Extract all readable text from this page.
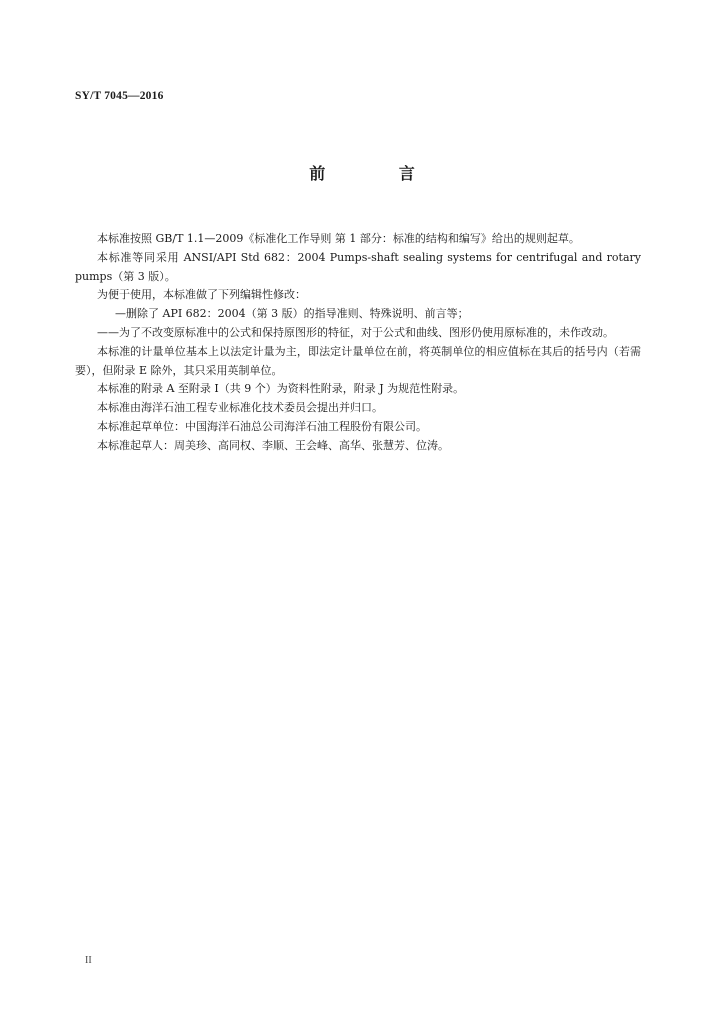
SY/T 7045—2016
前 言

本标准按照 GB/T 1.1—2009《标准化工作导则 第 1 部分：标准的结构和编写》给出的规则起草。

本标准等同采用 ANSI/API Std 682：2004 Pumps-shaft sealing systems for centrifugal and rotary pumps（第 3 版）。

为便于使用，本标准做了下列编辑性修改：

—删除了 API 682：2004（第 3 版）的指导准则、特殊说明、前言等；

——为了不改变原标准中的公式和保持原图形的特征，对于公式和曲线、图形仍使用原标准的，未作改动。

本标准的计量单位基本上以法定计量为主，即法定计量单位在前，将英制单位的相应值标在其后的括号内（若需要），但附录 E 除外，其只采用英制单位。

本标准的附录 A 至附录 I（共 9 个）为资料性附录，附录 J 为规范性附录。

本标准由海洋石油工程专业标准化技术委员会提出并归口。

本标准起草单位：中国海洋石油总公司海洋石油工程股份有限公司。

本标准起草人：周美珍、高同权、李顺、王会峰、高华、张慧芳、位涛。

II
